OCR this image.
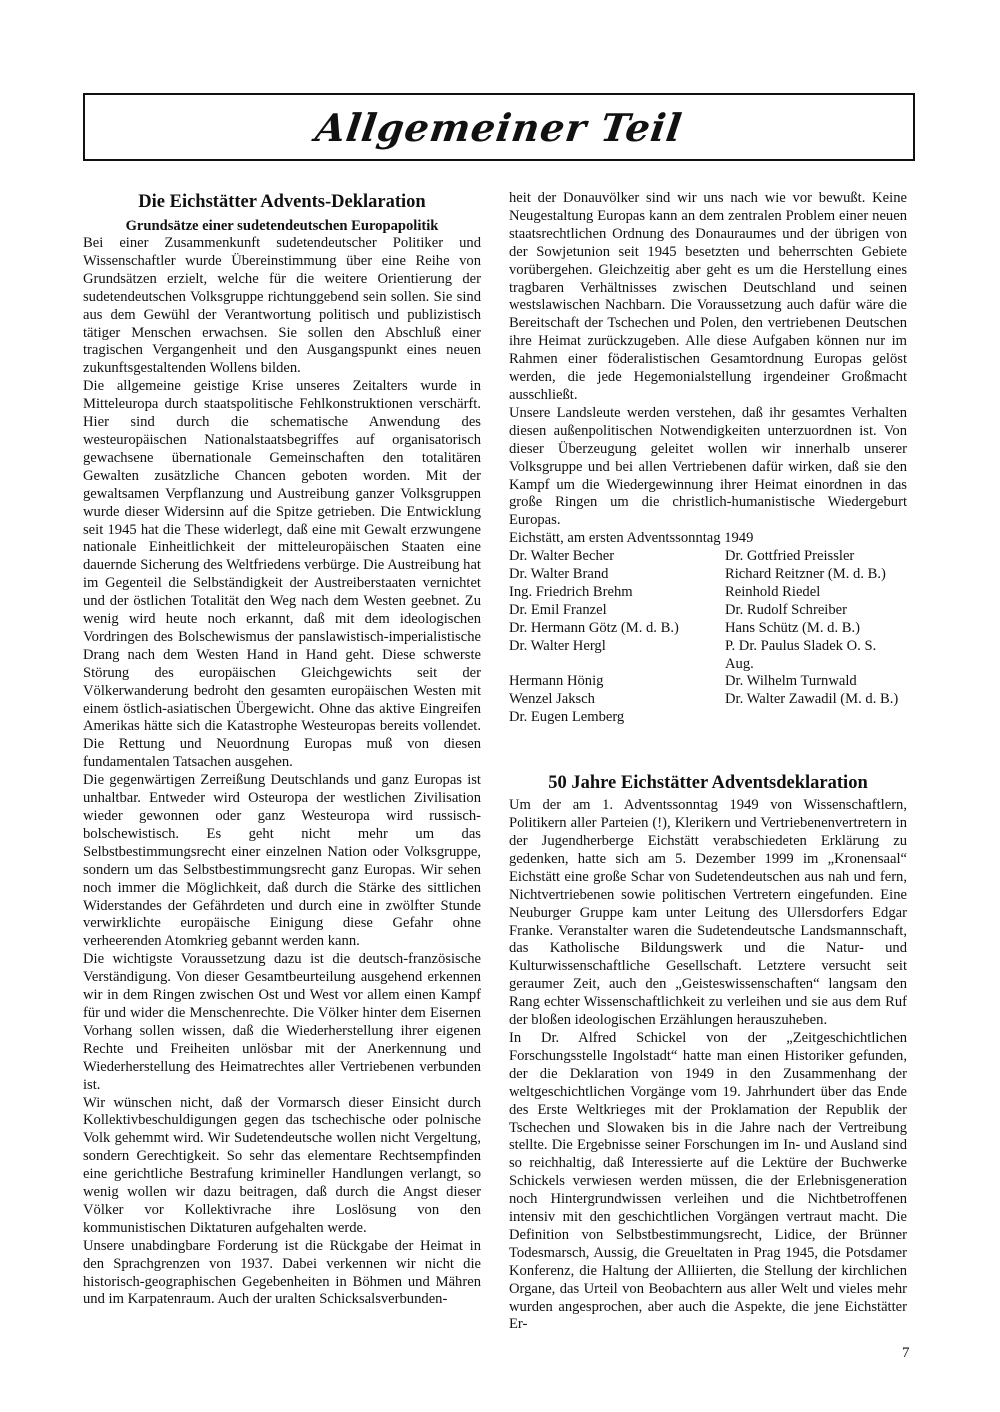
Allgemeiner Teil
Die Eichstätter Advents-Deklaration
Grundsätze einer sudetendeutschen Europapolitik

Bei einer Zusammenkunft sudetendeutscher Politiker und Wissenschaftler wurde Übereinstimmung über eine Reihe von Grundsätzen erzielt, welche für die weitere Orientierung der sudetendeutschen Volksgruppe richtunggebend sein sollen. Sie sind aus dem Gewühl der Verantwortung politisch und publizistisch tätiger Menschen erwachsen. Sie sollen den Abschluß einer tragischen Vergangenheit und den Ausgangspunkt eines neuen zukunftsgestaltenden Wollens bilden.

Die allgemeine geistige Krise unseres Zeitalters wurde in Mitteleuropa durch staatspolitische Fehlkonstruktionen verschärft. Hier sind durch die schematische Anwendung des westeuropäischen Nationalstaatsbegriffes auf organisatorisch gewachsene übernationale Gemeinschaften den totalitären Gewalten zusätzliche Chancen geboten worden. Mit der gewaltsamen Verpflanzung und Austreibung ganzer Volksgruppen wurde dieser Widersinn auf die Spitze getrieben. Die Entwicklung seit 1945 hat die These widerlegt, daß eine mit Gewalt erzwungene nationale Einheitlichkeit der mitteleuropäischen Staaten eine dauernde Sicherung des Weltfriedens verbürge. Die Austreibung hat im Gegenteil die Selbständigkeit der Austreiberstaaten vernichtet und der östlichen Totalität den Weg nach dem Westen geebnet. Zu wenig wird heute noch erkannt, daß mit dem ideologischen Vordringen des Bolschewismus der panslawistisch-imperialistische Drang nach dem Westen Hand in Hand geht. Diese schwerste Störung des europäischen Gleichgewichts seit der Völkerwanderung bedroht den gesamten europäischen Westen mit einem östlich-asiatischen Übergewicht. Ohne das aktive Eingreifen Amerikas hätte sich die Katastrophe Westeuropas bereits vollendet. Die Rettung und Neuordnung Europas muß von diesen fundamentalen Tatsachen ausgehen.

Die gegenwärtigen Zerreißung Deutschlands und ganz Europas ist unhaltbar. Entweder wird Osteuropa der westlichen Zivilisation wieder gewonnen oder ganz Westeuropa wird russisch-bolschewistisch. Es geht nicht mehr um das Selbstbestimmungsrecht einer einzelnen Nation oder Volksgruppe, sondern um das Selbstbestimmungsrecht ganz Europas. Wir sehen noch immer die Möglichkeit, daß durch die Stärke des sittlichen Widerstandes der Gefährdeten und durch eine in zwölfter Stunde verwirklichte europäische Einigung diese Gefahr ohne verheerenden Atomkrieg gebannt werden kann.

Die wichtigste Voraussetzung dazu ist die deutsch-französische Verständigung. Von dieser Gesamtbeurteilung ausgehend erkennen wir in dem Ringen zwischen Ost und West vor allem einen Kampf für und wider die Menschenrechte. Die Völker hinter dem Eisernen Vorhang sollen wissen, daß die Wiederherstellung ihrer eigenen Rechte und Freiheiten unlösbar mit der Anerkennung und Wiederherstellung des Heimatrechtes aller Vertriebenen verbunden ist.

Wir wünschen nicht, daß der Vormarsch dieser Einsicht durch Kollektivbeschuldigungen gegen das tschechische oder polnische Volk gehemmt wird. Wir Sudetendeutsche wollen nicht Vergeltung, sondern Gerechtigkeit. So sehr das elementare Rechtsempfinden eine gerichtliche Bestrafung krimineller Handlungen verlangt, so wenig wollen wir dazu beitragen, daß durch die Angst dieser Völker vor Kollektivrache ihre Loslösung von den kommunistischen Diktaturen aufgehalten werde.

Unsere unabdingbare Forderung ist die Rückgabe der Heimat in den Sprachgrenzen von 1937. Dabei verkennen wir nicht die historisch-geographischen Gegebenheiten in Böhmen und Mähren und im Karpatenraum. Auch der uralten Schicksalsverbunden-

heit der Donauvölker sind wir uns nach wie vor bewußt. Keine Neugestaltung Europas kann an dem zentralen Problem einer neuen staatsrechtlichen Ordnung des Donauraumes und der übrigen von der Sowjetunion seit 1945 besetzten und beherrschten Gebiete vorübergehen. Gleichzeitig aber geht es um die Herstellung eines tragbaren Verhältnisses zwischen Deutschland und seinen westslawischen Nachbarn. Die Voraussetzung auch dafür wäre die Bereitschaft der Tschechen und Polen, den vertriebenen Deutschen ihre Heimat zurückzugeben. Alle diese Aufgaben können nur im Rahmen einer föderalistischen Gesamtordnung Europas gelöst werden, die jede Hegemonialstellung irgendeiner Großmacht ausschließt.

Unsere Landsleute werden verstehen, daß ihr gesamtes Verhalten diesen außenpolitischen Notwendigkeiten unterzuordnen ist. Von dieser Überzeugung geleitet wollen wir innerhalb unserer Volksgruppe und bei allen Vertriebenen dafür wirken, daß sie den Kampf um die Wiedergewinnung ihrer Heimat einordnen in das große Ringen um die christlich-humanistische Wiedergeburt Europas.

Eichstätt, am ersten Adventssonntag 1949

Dr. Walter Becher	Dr. Gottfried Preissler
Dr. Walter Brand	Richard Reitzner (M. d. B.)
Ing. Friedrich Brehm	Reinhold Riedel
Dr. Emil Franzel	Dr. Rudolf Schreiber
Dr. Hermann Götz (M. d. B.)	Hans Schütz (M. d. B.)
Dr. Walter Hergl	P. Dr. Paulus Sladek O. S. Aug.
Hermann Hönig	Dr. Wilhelm Turnwald
Wenzel Jaksch	Dr. Walter Zawadil (M. d. B.)
Dr. Eugen Lemberg	
50 Jahre Eichstätter Adventsdeklaration

Um der am 1. Adventssonntag 1949 von Wissenschaftlern, Politikern aller Parteien (!), Klerikern und Vertriebenenvertretern in der Jugendherberge Eichstätt verabschiedeten Erklärung zu gedenken, hatte sich am 5. Dezember 1999 im „Kronensaal“ Eichstätt eine große Schar von Sudetendeutschen aus nah und fern, Nichtvertriebenen sowie politischen Vertretern eingefunden. Eine Neuburger Gruppe kam unter Leitung des Ullersdorfers Edgar Franke. Veranstalter waren die Sudetendeutsche Landsmannschaft, das Katholische Bildungswerk und die Natur- und Kulturwissenschaftliche Gesellschaft. Letztere versucht seit geraumer Zeit, auch den „Geisteswissenschaften“ langsam den Rang echter Wissenschaftlichkeit zu verleihen und sie aus dem Ruf der bloßen ideologischen Erzählungen herauszuheben.

In Dr. Alfred Schickel von der „Zeitgeschichtlichen Forschungsstelle Ingolstadt“ hatte man einen Historiker gefunden, der die Deklaration von 1949 in den Zusammenhang der weltgeschichtlichen Vorgänge vom 19. Jahrhundert über das Ende des Erste Weltkrieges mit der Proklamation der Republik der Tschechen und Slowaken bis in die Jahre nach der Vertreibung stellte. Die Ergebnisse seiner Forschungen im In- und Ausland sind so reichhaltig, daß Interessierte auf die Lektüre der Buchwerke Schickels verwiesen werden müssen, die der Erlebnisgeneration noch Hintergrundwissen verleihen und die Nichtbetroffenen intensiv mit den geschichtlichen Vorgängen vertraut macht. Die Definition von Selbstbestimmungsrecht, Lidice, der Brünner Todesmarsch, Aussig, die Greueltaten in Prag 1945, die Potsdamer Konferenz, die Haltung der Alliierten, die Stellung der kirchlichen Organe, das Urteil von Beobachtern aus aller Welt und vieles mehr wurden angesprochen, aber auch die Aspekte, die jene Eichstätter Er-

7
